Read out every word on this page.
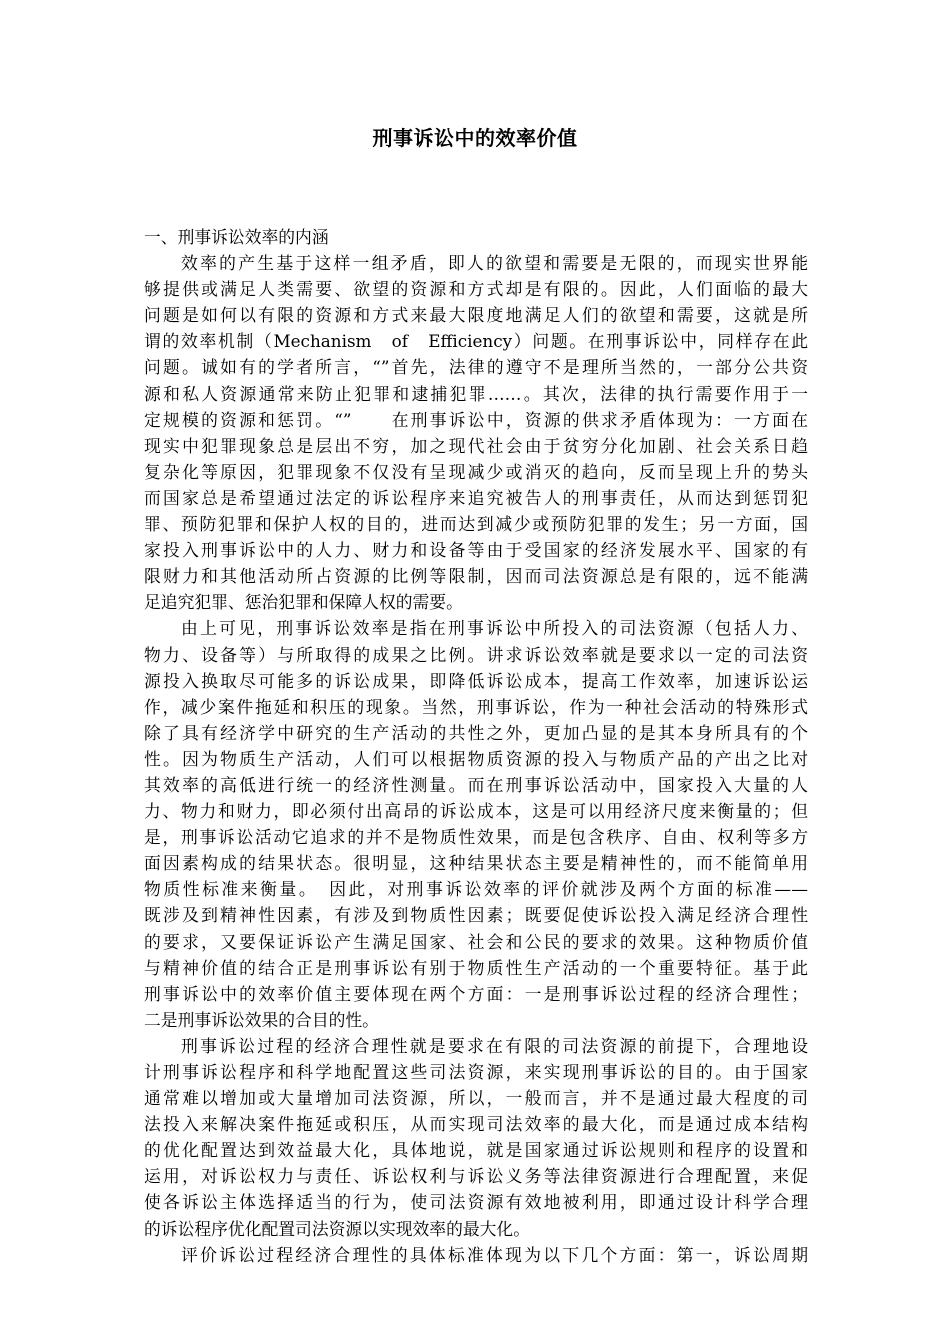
刑事诉讼中的效率价值
一、刑事诉讼效率的内涵
效率的产生基于这样一组矛盾，即人的欲望和需要是无限的，而现实世界能
够提供或满足人类需要、欲望的资源和方式却是有限的。因此，人们面临的最大
问题是如何以有限的资源和方式来最大限度地满足人们的欲望和需要，这就是所
谓的效率机制（Mechanism　of　Efficiency）问题。在刑事诉讼中，同样存在此
问题。诚如有的学者所言，“”首先，法律的遵守不是理所当然的，一部分公共资
源和私人资源通常来防止犯罪和逮捕犯罪……。其次，法律的执行需要作用于一
定规模的资源和惩罚。“”　　在刑事诉讼中，资源的供求矛盾体现为：一方面在
现实中犯罪现象总是层出不穷，加之现代社会由于贫穷分化加剧、社会关系日趋
复杂化等原因，犯罪现象不仅没有呈现减少或消灭的趋向，反而呈现上升的势头
而国家总是希望通过法定的诉讼程序来追究被告人的刑事责任，从而达到惩罚犯
罪、预防犯罪和保护人权的目的，进而达到减少或预防犯罪的发生；另一方面，国
家投入刑事诉讼中的人力、财力和设备等由于受国家的经济发展水平、国家的有
限财力和其他活动所占资源的比例等限制，因而司法资源总是有限的，远不能满
足追究犯罪、惩治犯罪和保障人权的需要。
由上可见，刑事诉讼效率是指在刑事诉讼中所投入的司法资源（包括人力、
物力、设备等）与所取得的成果之比例。讲求诉讼效率就是要求以一定的司法资
源投入换取尽可能多的诉讼成果，即降低诉讼成本，提高工作效率，加速诉讼运
作，减少案件拖延和积压的现象。当然，刑事诉讼，作为一种社会活动的特殊形式
除了具有经济学中研究的生产活动的共性之外，更加凸显的是其本身所具有的个
性。因为物质生产活动，人们可以根据物质资源的投入与物质产品的产出之比对
其效率的高低进行统一的经济性测量。而在刑事诉讼活动中，国家投入大量的人
力、物力和财力，即必须付出高昂的诉讼成本，这是可以用经济尺度来衡量的；但
是，刑事诉讼活动它追求的并不是物质性效果，而是包含秩序、自由、权利等多方
面因素构成的结果状态。很明显，这种结果状态主要是精神性的，而不能简单用
物质性标准来衡量。　因此，对刑事诉讼效率的评价就涉及两个方面的标准——
既涉及到精神性因素，有涉及到物质性因素；既要促使诉讼投入满足经济合理性
的要求，又要保证诉讼产生满足国家、社会和公民的要求的效果。这种物质价值
与精神价值的结合正是刑事诉讼有别于物质性生产活动的一个重要特征。基于此
刑事诉讼中的效率价值主要体现在两个方面：一是刑事诉讼过程的经济合理性；
二是刑事诉讼效果的合目的性。
刑事诉讼过程的经济合理性就是要求在有限的司法资源的前提下，合理地设
计刑事诉讼程序和科学地配置这些司法资源，来实现刑事诉讼的目的。由于国家
通常难以增加或大量增加司法资源，所以，一般而言，并不是通过最大程度的司
法投入来解决案件拖延或积压，从而实现司法效率的最大化，而是通过成本结构
的优化配置达到效益最大化，具体地说，就是国家通过诉讼规则和程序的设置和
运用，对诉讼权力与责任、诉讼权利与诉讼义务等法律资源进行合理配置，来促
使各诉讼主体选择适当的行为，使司法资源有效地被利用，即通过设计科学合理
的诉讼程序优化配置司法资源以实现效率的最大化。
评价诉讼过程经济合理性的具体标准体现为以下几个方面：第一，诉讼周期
